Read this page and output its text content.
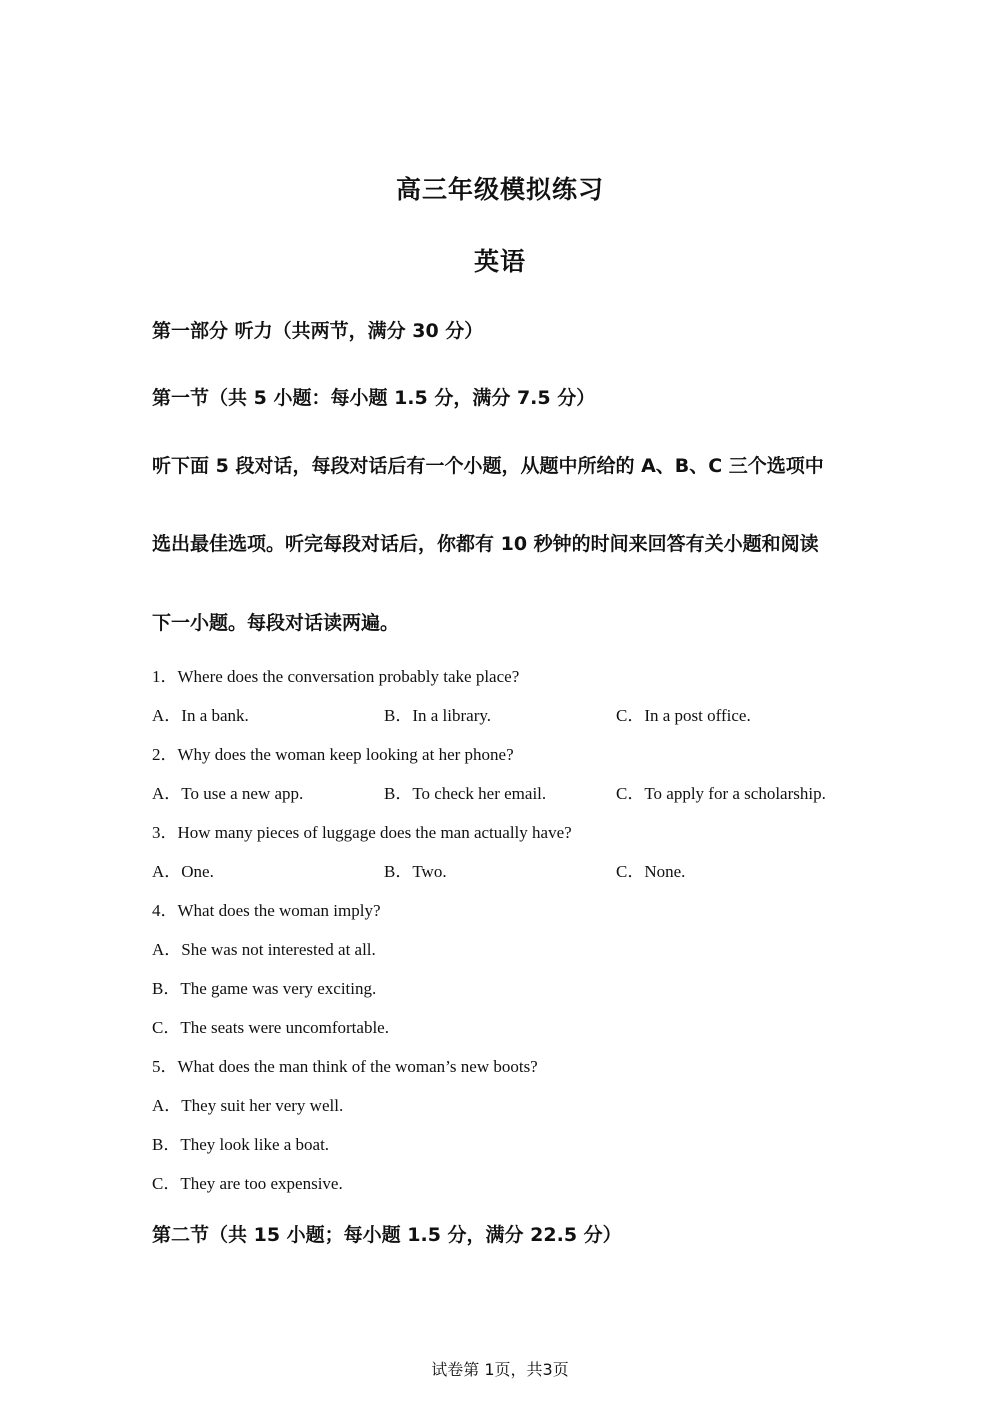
高三年级模拟练习
英语
第一部分 听力（共两节，满分 30 分）
第一节（共 5 小题：每小题 1.5 分，满分 7.5 分）
听下面 5 段对话，每段对话后有一个小题，从题中所给的 A、B、C 三个选项中
选出最佳选项。听完每段对话后，你都有 10 秒钟的时间来回答有关小题和阅读
下一小题。每段对话读两遍。
1．Where does the conversation probably take place?
A．In a bank.	B．In a library.	C．In a post office.
2．Why does the woman keep looking at her phone?
A．To use a new app.	B．To check her email.	C．To apply for a scholarship.
3．How many pieces of luggage does the man actually have?
A．One.	B．Two.	C．None.
4．What does the woman imply?
A．She was not interested at all.
B．The game was very exciting.
C．The seats were uncomfortable.
5．What does the man think of the woman’s new boots?
A．They suit her very well.
B．They look like a boat.
C．They are too expensive.
第二节（共 15 小题；每小题 1.5 分，满分 22.5 分）
试卷第 1页，共3页
